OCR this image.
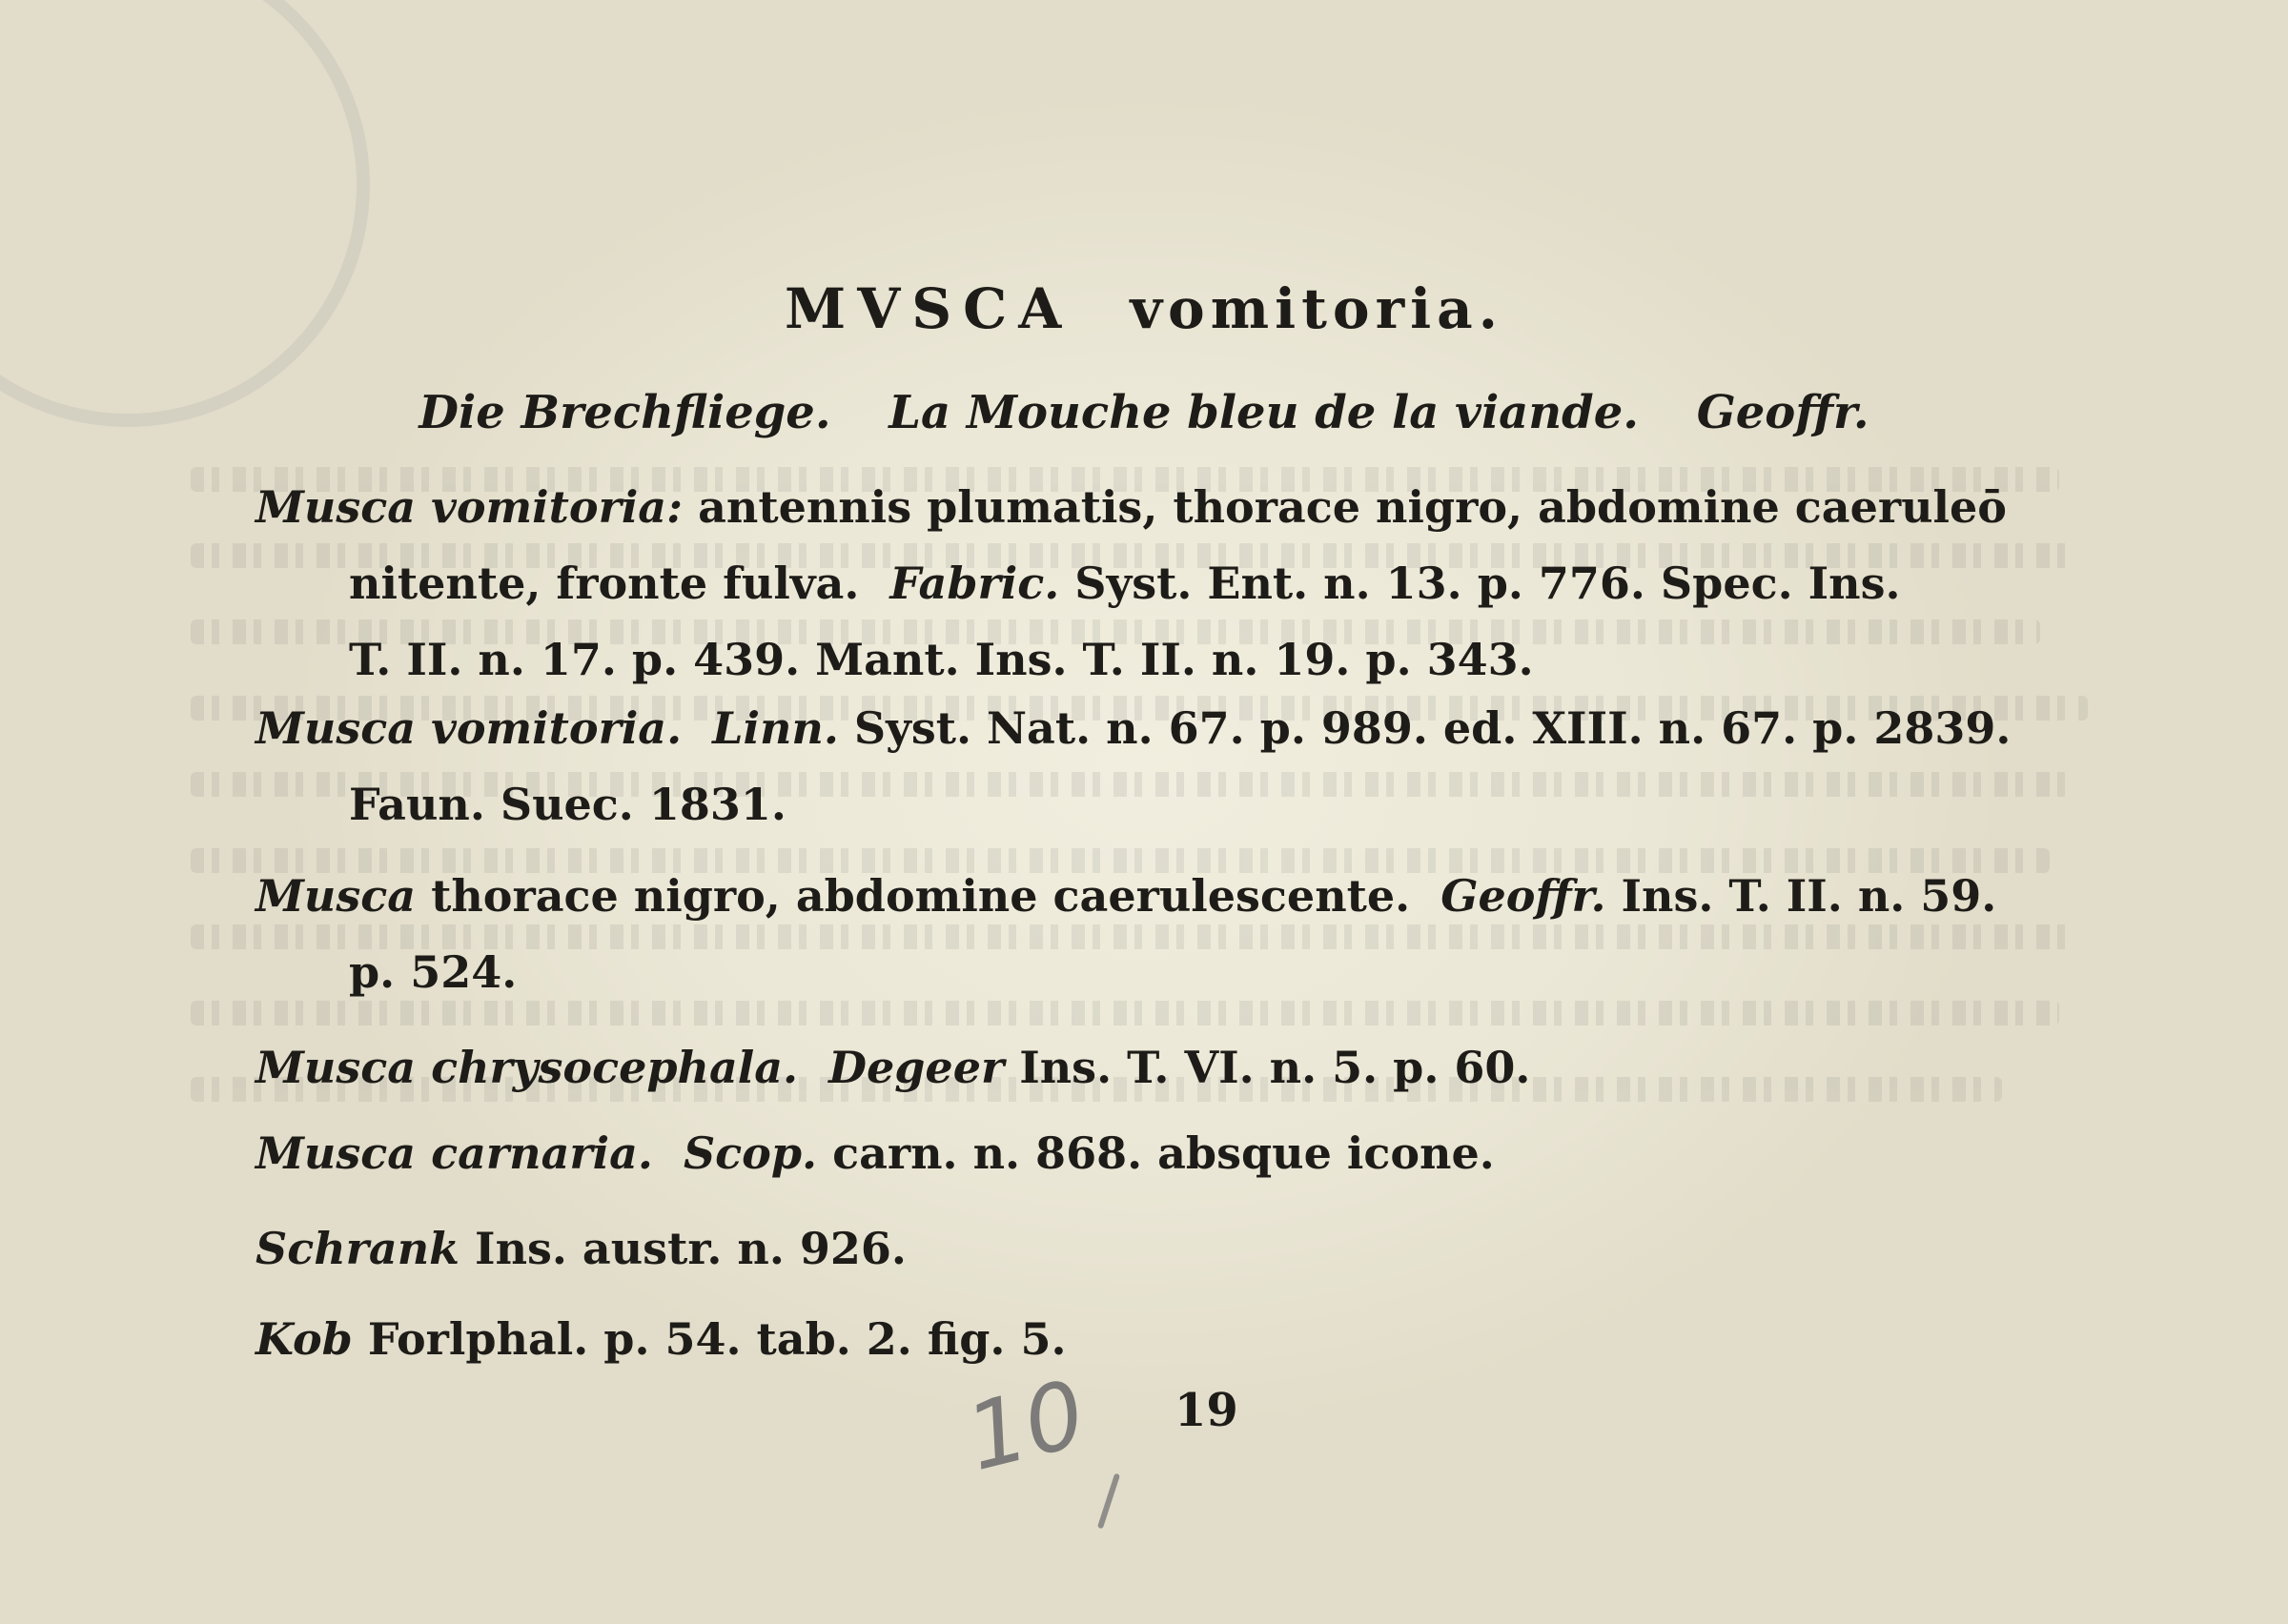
MVSCA vomitoria.
Die Brechfliege. La Mouche bleu de la viande. Geoffr.
Musca vomitoria: antennis plumatis, thorace nigro, abdomine caeruleō
nitente, fronte fulva. Fabric. Syst. Ent. n. 13. p. 776. Spec. Ins.
T. II. n. 17. p. 439. Mant. Ins. T. II. n. 19. p. 343.
Musca vomitoria. Linn. Syst. Nat. n. 67. p. 989. ed. XIII. n. 67. p. 2839.
Faun. Suec. 1831.
Musca thorace nigro, abdomine caerulescente. Geoffr. Ins. T. II. n. 59.
p. 524.
Musca chrysocephala. Degeer Ins. T. VI. n. 5. p. 60.
Musca carnaria. Scop. carn. n. 868. absque icone.
Schrank Ins. austr. n. 926.
Kob Forlphal. p. 54. tab. 2. fig. 5.
10 19
